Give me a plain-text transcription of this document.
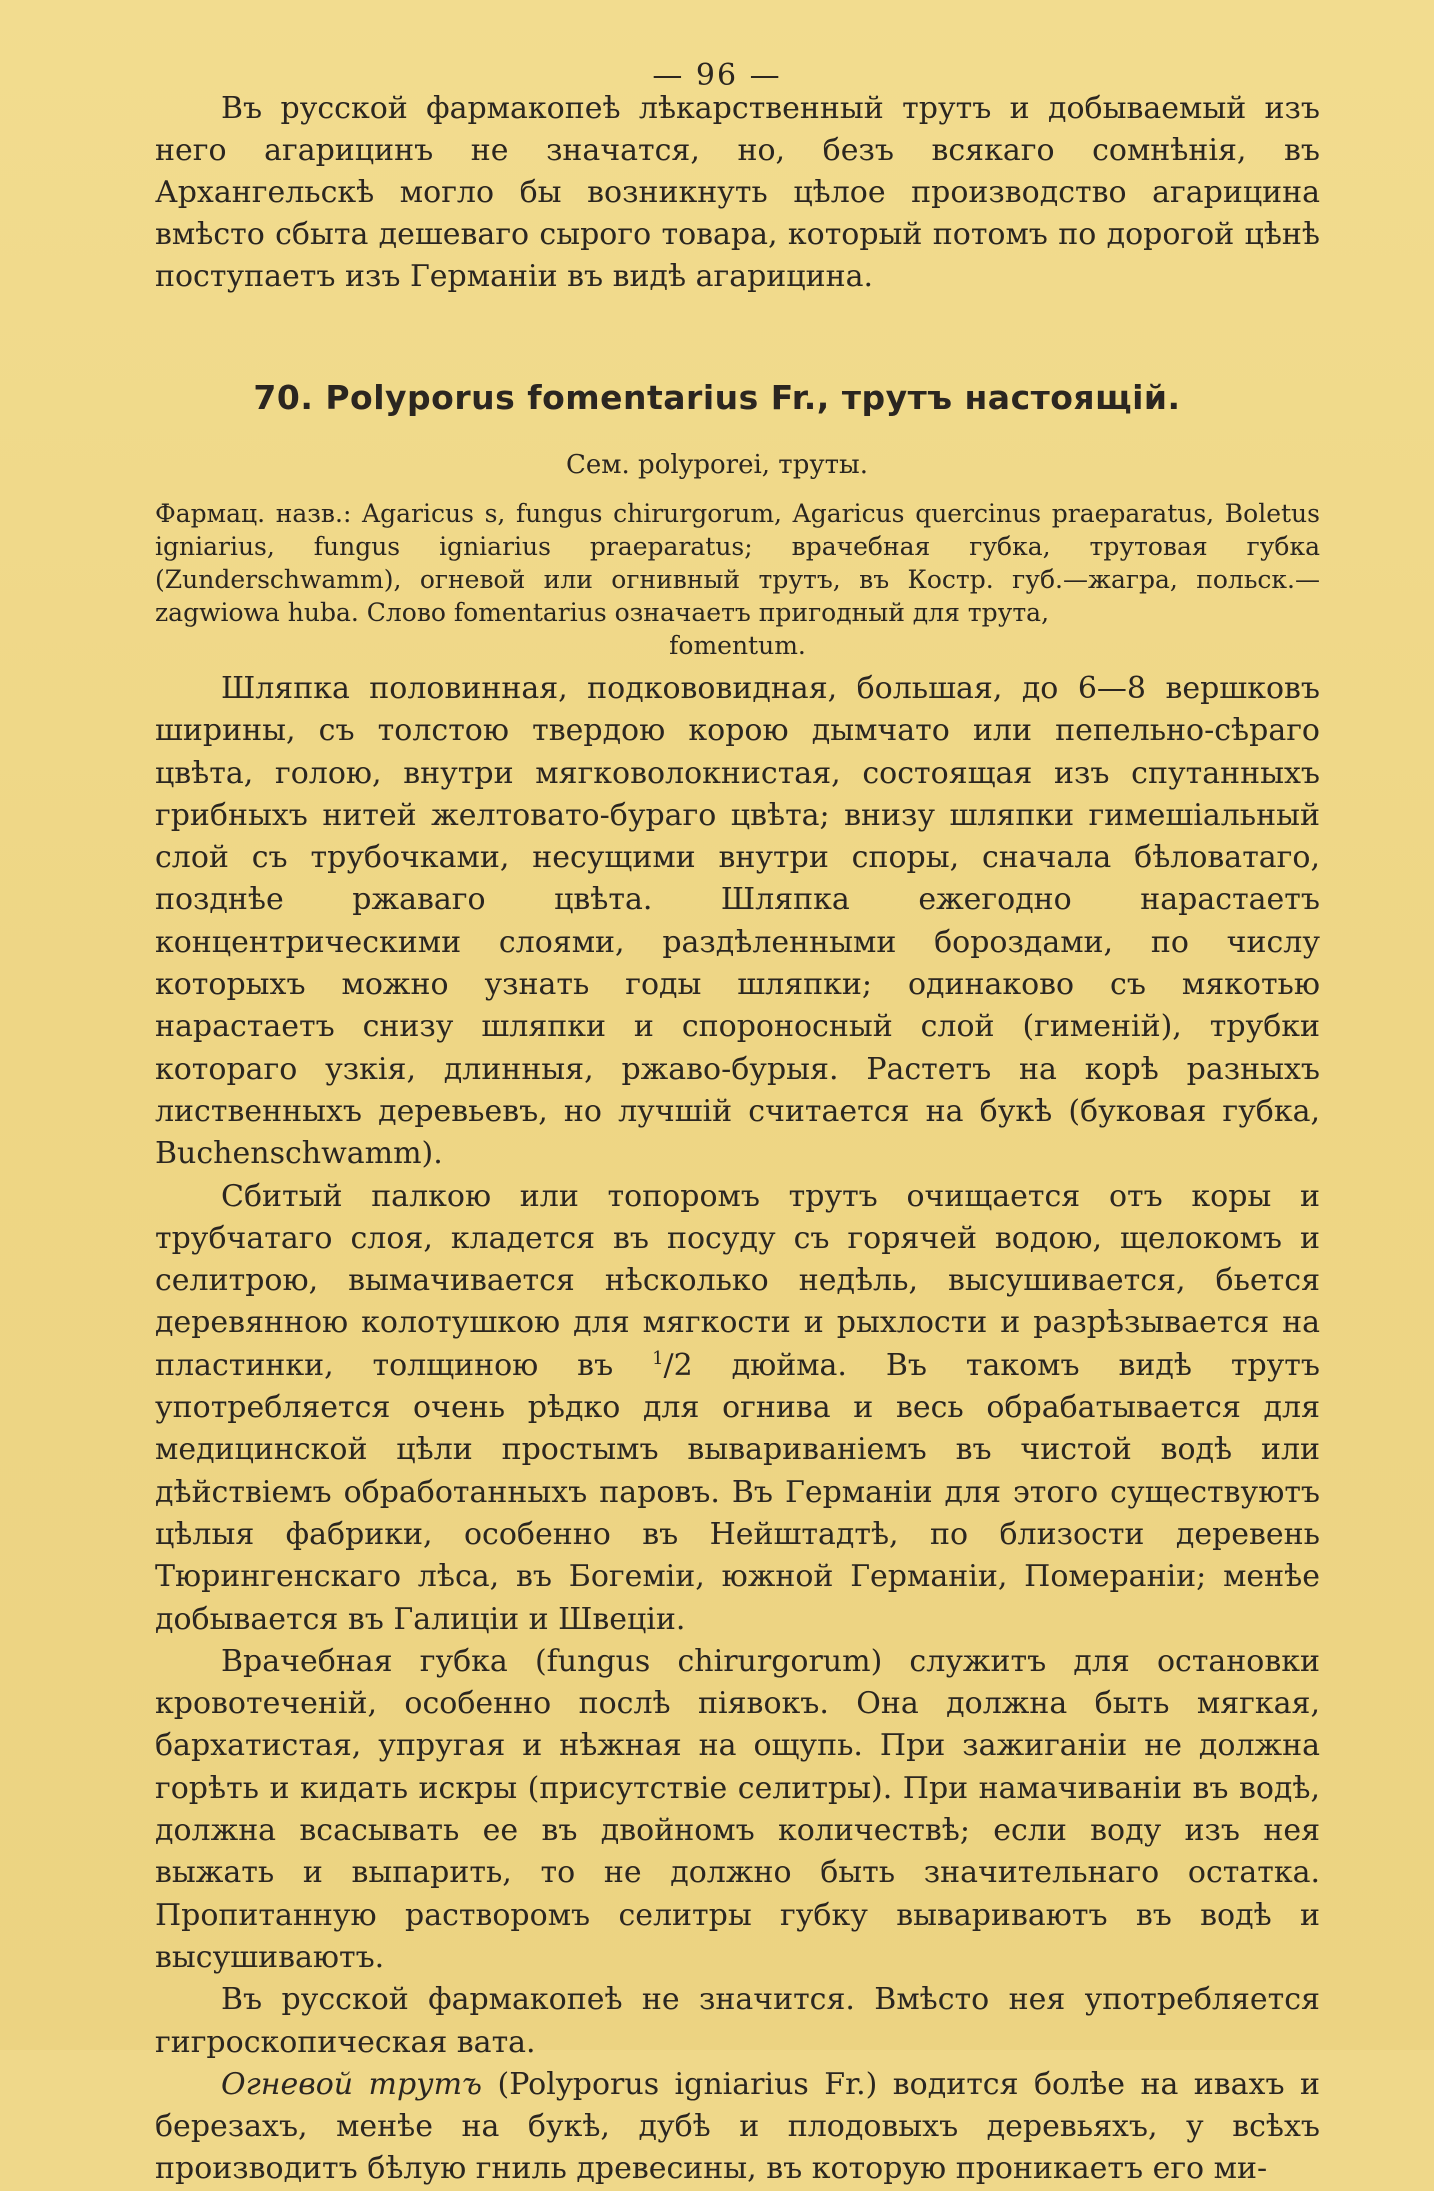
— 96 —
Въ русской фармакопеѣ лѣкарственный трутъ и добываемый изъ него агарицинъ не значатся, но, безъ всякаго сомнѣнія, въ Архангельскѣ могло бы возникнуть цѣлое производство агарицина вмѣсто сбыта дешеваго сырого товара, который потомъ по дорогой цѣнѣ поступаетъ изъ Германіи въ видѣ агарицина.
70. Polyporus fomentarius Fr., трутъ настоящій.
Сем. polyporei, труты.
Фармац. назв.: Agaricus s, fungus chirurgorum, Agaricus quercinus praeparatus, Boletus igniarius, fungus igniarius praeparatus; врачебная губка, трутовая губка (Zundersсhwamm), огневой или огнивный трутъ, въ Костр. губ.—жагра, польск.—zagwiowa huba. Слово fomentarius означаетъ пригодный для трута,
fomentum.

Шляпка половинная, подкововидная, большая, до 6—8 вершковъ ширины, съ толстою твердою корою дымчато или пепельно-сѣраго цвѣта, голою, внутри мягковолокнистая, состоящая изъ спутанныхъ грибныхъ нитей желтовато-бураго цвѣта; внизу шляпки гимешіальный слой съ трубочками, несущими внутри споры, сначала бѣловатаго, позднѣе ржаваго цвѣта. Шляпка ежегодно нарастаетъ концентрическими слоями, раздѣленными бороздами, по числу которыхъ можно узнать годы шляпки; одинаково съ мякотью нарастаетъ снизу шляпки и спороносный слой (гименій), трубки котораго узкія, длинныя, ржаво-бурыя. Растетъ на корѣ разныхъ лиственныхъ деревьевъ, но лучшій считается на букѣ (буковая губка, Buchenschwamm).

Сбитый палкою или топоромъ трутъ очищается отъ коры и трубчатаго слоя, кладется въ посуду съ горячей водою, щелокомъ и селитрою, вымачивается нѣсколько недѣль, высушивается, бьется деревянною колотушкою для мягкости и рыхлости и разрѣзывается на пластинки, толщиною въ $^1$/2 дюйма. Въ такомъ видѣ трутъ употребляется очень рѣдко для огнива и весь обрабатывается для медицинской цѣли простымъ вывариваніемъ въ чистой водѣ или дѣйствіемъ обработанныхъ паровъ. Въ Германіи для этого существуютъ цѣлыя фабрики, особенно въ Нейштадтѣ, по близости деревень Тюрингенскаго лѣса, въ Богеміи, южной Германіи, Помераніи; менѣе добывается въ Галиціи и Швеціи.

Врачебная губка (fungus chirurgorum) служитъ для остановки кровотеченій, особенно послѣ піявокъ. Она должна быть мягкая, бархатистая, упругая и нѣжная на ощупь. При зажиганіи не должна горѣть и кидать искры (присутствіе селитры). При намачиваніи въ водѣ, должна всасывать ее въ двойномъ количествѣ; если воду изъ нея выжать и выпарить, то не должно быть значительнаго остатка. Пропитанную растворомъ селитры губку вывариваютъ въ водѣ и высушиваютъ.

Въ русской фармакопеѣ не значится. Вмѣсто нея употребляется гигроскопическая вата.

Огневой трутъ (Polyporus igniarius Fr.) водится болѣе на ивахъ и березахъ, менѣе на букѣ, дубѣ и плодовыхъ деревьяхъ, у всѣхъ производитъ бѣлую гниль древесины, въ которую проникаетъ его ми-
